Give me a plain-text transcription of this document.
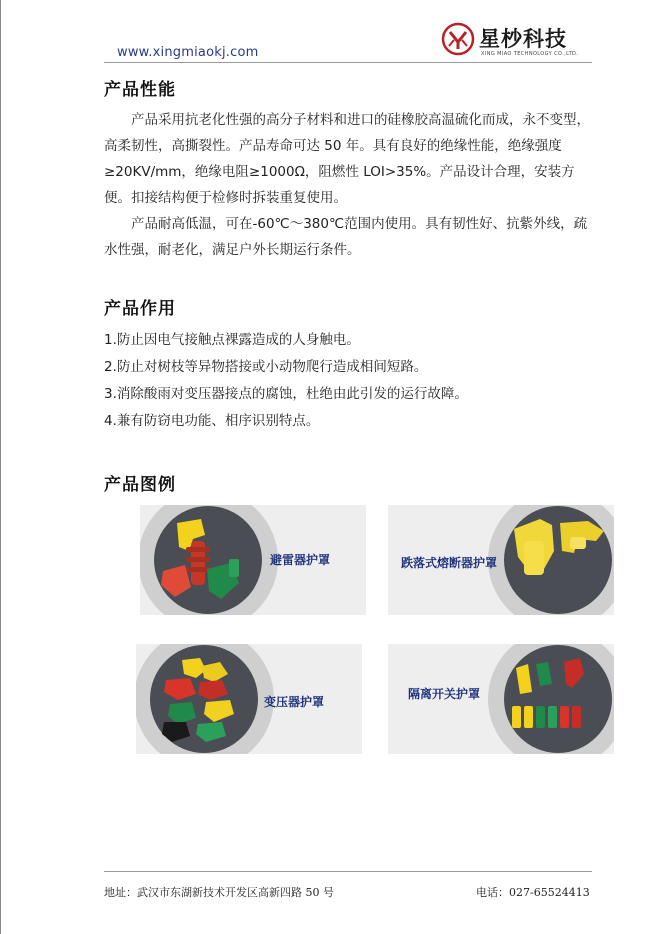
www.xingmiaokj.com
星杪科技
XING MIAO TECHNOLOGY CO.,LTD.
产品性能

产品采用抗老化性强的高分子材料和进口的硅橡胶高温硫化而成，永不变型，高柔韧性，高撕裂性。产品寿命可达 50 年。具有良好的绝缘性能，绝缘强度≥20KV/mm，绝缘电阻≥1000Ω，阻燃性 LOI>35%。产品设计合理，安装方便。扣接结构便于检修时拆装重复使用。

产品耐高低温，可在-60℃～380℃范围内使用。具有韧性好、抗紫外线，疏水性强，耐老化，满足户外长期运行条件。

产品作用
1.防止因电气接触点裸露造成的人身触电。
2.防止对树枝等异物搭接或小动物爬行造成相间短路。
3.消除酸雨对变压器接点的腐蚀，杜绝由此引发的运行故障。
4.兼有防窃电功能、相序识别特点。
产品图例
避雷器护罩	跌落式熔断器护罩
变压器护罩
隔离开关护罩
地址：武汉市东湖新技术开发区高新四路 50 号	电话：027-65524413
